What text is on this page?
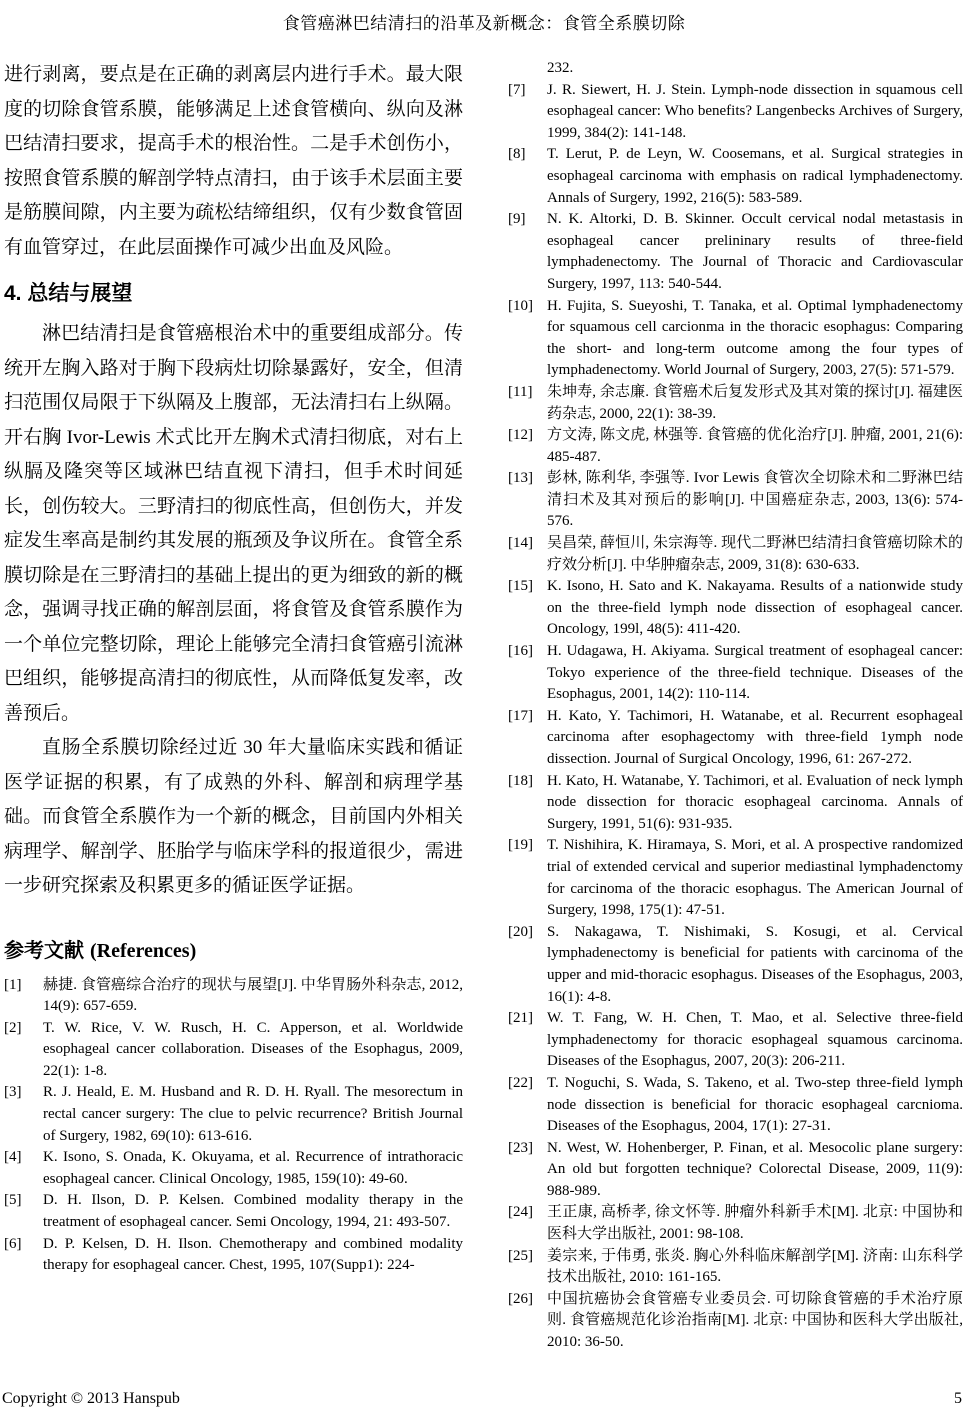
食管癌淋巴结清扫的沿革及新概念：食管全系膜切除

进行剥离，要点是在正确的剥离层内进行手术。最大限度的切除食管系膜，能够满足上述食管横向、纵向及淋巴结清扫要求，提高手术的根治性。二是手术创伤小，按照食管系膜的解剖学特点清扫，由于该手术层面主要是筋膜间隙，内主要为疏松结缔组织，仅有少数食管固有血管穿过，在此层面操作可减少出血及风险。

4. 总结与展望

淋巴结清扫是食管癌根治术中的重要组成部分。传统开左胸入路对于胸下段病灶切除暴露好，安全，但清扫范围仅局限于下纵隔及上腹部，无法清扫右上纵隔。开右胸 Ivor-Lewis 术式比开左胸术式清扫彻底，对右上纵膈及隆突等区域淋巴结直视下清扫，但手术时间延长，创伤较大。三野清扫的彻底性高，但创伤大，并发症发生率高是制约其发展的瓶颈及争议所在。食管全系膜切除是在三野清扫的基础上提出的更为细致的新的概念，强调寻找正确的解剖层面，将食管及食管系膜作为一个单位完整切除，理论上能够完全清扫食管癌引流淋巴组织，能够提高清扫的彻底性，从而降低复发率，改善预后。

直肠全系膜切除经过近 30 年大量临床实践和循证医学证据的积累，有了成熟的外科、解剖和病理学基础。而食管全系膜作为一个新的概念，目前国内外相关病理学、解剖学、胚胎学与临床学科的报道很少，需进一步研究探索及积累更多的循证医学证据。

参考文献 (References)
[1]	赫捷. 食管癌综合治疗的现状与展望[J]. 中华胃肠外科杂志, 2012, 14(9): 657-659.
[2]	T. W. Rice, V. W. Rusch, H. C. Apperson, et al. Worldwide esophageal cancer collaboration. Diseases of the Esophagus, 2009, 22(1): 1-8.
[3]	R. J. Heald, E. M. Husband and R. D. H. Ryall. The mesorectum in rectal cancer surgery: The clue to pelvic recurrence? British Journal of Surgery, 1982, 69(10): 613-616.
[4]	K. Isono, S. Onada, K. Okuyama, et al. Recurrence of intrathoracic esophageal cancer. Clinical Oncology, 1985, 159(10): 49-60.
[5]	D. H. Ilson, D. P. Kelsen. Combined modality therapy in the treatment of esophageal cancer. Semi Oncology, 1994, 21: 493-507.
[6]	D. P. Kelsen, D. H. Ilson. Chemotherapy and combined modality therapy for esophageal cancer. Chest, 1995, 107(Supp1): 224-
232.
[7]	J. R. Siewert, H. J. Stein. Lymph-node dissection in squamous cell esophageal cancer: Who benefits? Langenbecks Archives of Surgery, 1999, 384(2): 141-148.
[8]	T. Lerut, P. de Leyn, W. Coosemans, et al. Surgical strategies in esophageal carcinoma with emphasis on radical lymphadenectomy. Annals of Surgery, 1992, 216(5): 583-589.
[9]	N. K. Altorki, D. B. Skinner. Occult cervical nodal metastasis in esophageal cancer prelininary results of three-field lymphadenectomy. The Journal of Thoracic and Cardiovascular Surgery, 1997, 113: 540-544.
[10] H. Fujita, S. Sueyoshi, T. Tanaka, et al. Optimal lymphadenectomy for squamous cell carcionma in the thoracic esophagus: Comparing the short- and long-term outcome among the four types of lymphadenectomy. World Journal of Surgery, 2003, 27(5): 571-579.
[11] 朱坤寿, 余志廉. 食管癌术后复发形式及其对策的探讨[J]. 福建医药杂志, 2000, 22(1): 38-39.
[12] 方文涛, 陈文虎, 林强等. 食管癌的优化治疗[J]. 肿瘤, 2001, 21(6): 485-487.
[13] 彭林, 陈利华, 李强等. Ivor Lewis 食管次全切除术和二野淋巴结清扫术及其对预后的影响[J]. 中国癌症杂志, 2003, 13(6): 574-576.
[14] 吴昌荣, 薛恒川, 朱宗海等. 现代二野淋巴结清扫食管癌切除术的疗效分析[J]. 中华肿瘤杂志, 2009, 31(8): 630-633.
[15] K. Isono, H. Sato and K. Nakayama. Results of a nationwide study on the three-field lymph node dissection of esophageal cancer. Oncology, 199l, 48(5): 411-420.
[16] H. Udagawa, H. Akiyama. Surgical treatment of esophageal cancer: Tokyo experience of the three-field technique. Diseases of the Esophagus, 2001, 14(2): 110-114.
[17] H. Kato, Y. Tachimori, H. Watanabe, et al. Recurrent esophageal carcinoma after esophagectomy with three-field 1ymph node dissection. Journal of Surgical Oncology, 1996, 61: 267-272.
[18] H. Kato, H. Watanabe, Y. Tachimori, et al. Evaluation of neck lymph node dissection for thoracic esophageal carcinoma. Annals of Surgery, 1991, 51(6): 931-935.
[19] T. Nishihira, K. Hiramaya, S. Mori, et al. A prospective randomized trial of extended cervical and superior mediastinal lymphadenctomy for carcinoma of the thoracic esophagus. The American Journal of Surgery, 1998, 175(1): 47-51.
[20] S. Nakagawa, T. Nishimaki, S. Kosugi, et al. Cervical lymphadenectomy is beneficial for patients with carcinoma of the upper and mid-thoracic esophagus. Diseases of the Esophagus, 2003, 16(1): 4-8.
[21] W. T. Fang, W. H. Chen, T. Mao, et al. Selective three-field lymphadenectomy for thoracic esophageal squamous carcinoma. Diseases of the Esophagus, 2007, 20(3): 206-211.
[22] T. Noguchi, S. Wada, S. Takeno, et al. Two-step three-field lymph node dissection is beneficial for thoracic esophageal carcnioma. Diseases of the Esophagus, 2004, 17(1): 27-31.
[23] N. West, W. Hohenberger, P. Finan, et al. Mesocolic plane surgery: An old but forgotten technique? Colorectal Disease, 2009, 11(9): 988-989.
[24] 王正康, 高桥孝, 徐文怀等. 肿瘤外科新手术[M]. 北京: 中国协和医科大学出版社, 2001: 98-108.
[25] 姜宗来, 于伟勇, 张炎. 胸心外科临床解剖学[M]. 济南: 山东科学技术出版社, 2010: 161-165.
[26] 中国抗癌协会食管癌专业委员会. 可切除食管癌的手术治疗原则. 食管癌规范化诊治指南[M]. 北京: 中国协和医科大学出版社, 2010: 36-50.
Copyright © 2013 Hanspub	5
